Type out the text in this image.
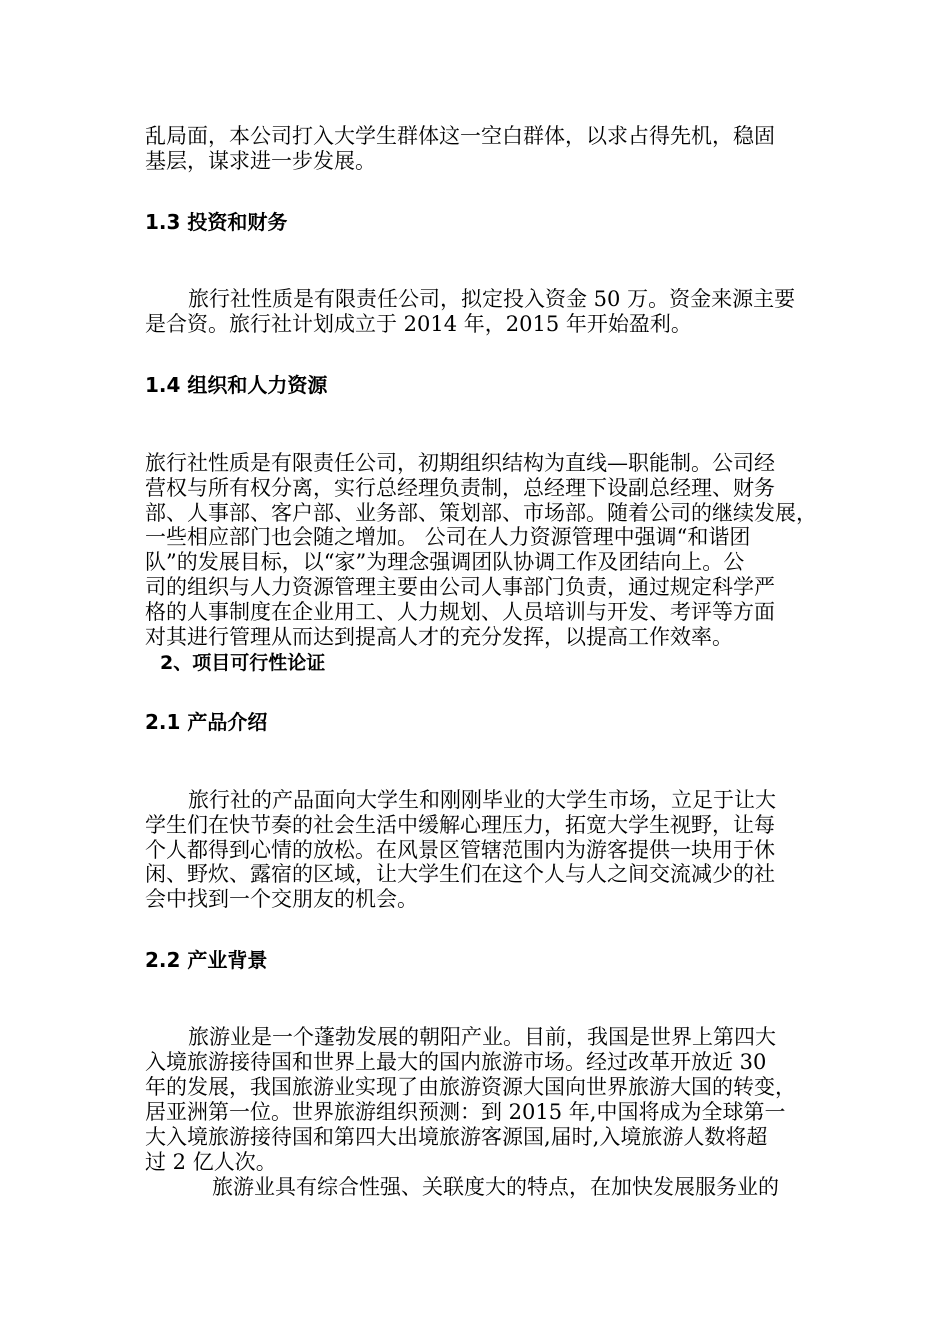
乱局面，本公司打入大学生群体这一空白群体，以求占得先机，稳固
基层，谋求进一步发展。
1.3 投资和财务
旅行社性质是有限责任公司，拟定投入资金 50 万。资金来源主要
是合资。旅行社计划成立于 2014 年，2015 年开始盈利。
1.4 组织和人力资源
旅行社性质是有限责任公司，初期组织结构为直线—职能制。公司经
营权与所有权分离，实行总经理负责制，总经理下设副总经理、财务
部、人事部、客户部、业务部、策划部、市场部。随着公司的继续发展，
一些相应部门也会随之增加。 公司在人力资源管理中强调“和谐团
队”的发展目标，以“家”为理念强调团队协调工作及团结向上。公
司的组织与人力资源管理主要由公司人事部门负责，通过规定科学严
格的人事制度在企业用工、人力规划、人员培训与开发、考评等方面
对其进行管理从而达到提高人才的充分发挥，以提高工作效率。
2、项目可行性论证
2.1 产品介绍
旅行社的产品面向大学生和刚刚毕业的大学生市场，立足于让大
学生们在快节奏的社会生活中缓解心理压力，拓宽大学生视野，让每
个人都得到心情的放松。在风景区管辖范围内为游客提供一块用于休
闲、野炊、露宿的区域，让大学生们在这个人与人之间交流减少的社
会中找到一个交朋友的机会。
2.2 产业背景
旅游业是一个蓬勃发展的朝阳产业。目前，我国是世界上第四大
入境旅游接待国和世界上最大的国内旅游市场。经过改革开放近 30
年的发展，我国旅游业实现了由旅游资源大国向世界旅游大国的转变，
居亚洲第一位。世界旅游组织预测：到 2015 年,中国将成为全球第一
大入境旅游接待国和第四大出境旅游客源国,届时,入境旅游人数将超
过 2 亿人次。
旅游业具有综合性强、关联度大的特点，在加快发展服务业的
